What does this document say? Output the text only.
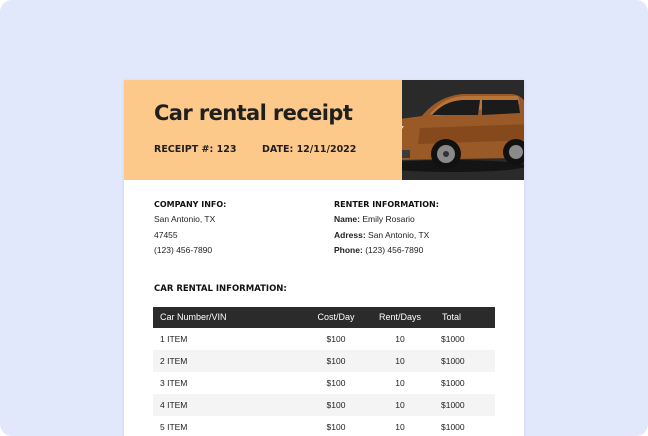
Car rental receipt
RECEIPT #: 123	DATE: 12/11/2022
COMPANY INFO:
San Antonio, TX
47455
(123) 456-7890
RENTER INFORMATION:
Name: Emily Rosario
Adress: San Antonio, TX
Phone: (123) 456-7890
CAR RENTAL INFORMATION:
Car Number/VIN	Cost/Day	Rent/Days	Total
1 ITEM	$100	10	$1000
2 ITEM	$100	10	$1000
3 ITEM	$100	10	$1000
4 ITEM	$100	10	$1000
5 ITEM	$100	10	$1000
